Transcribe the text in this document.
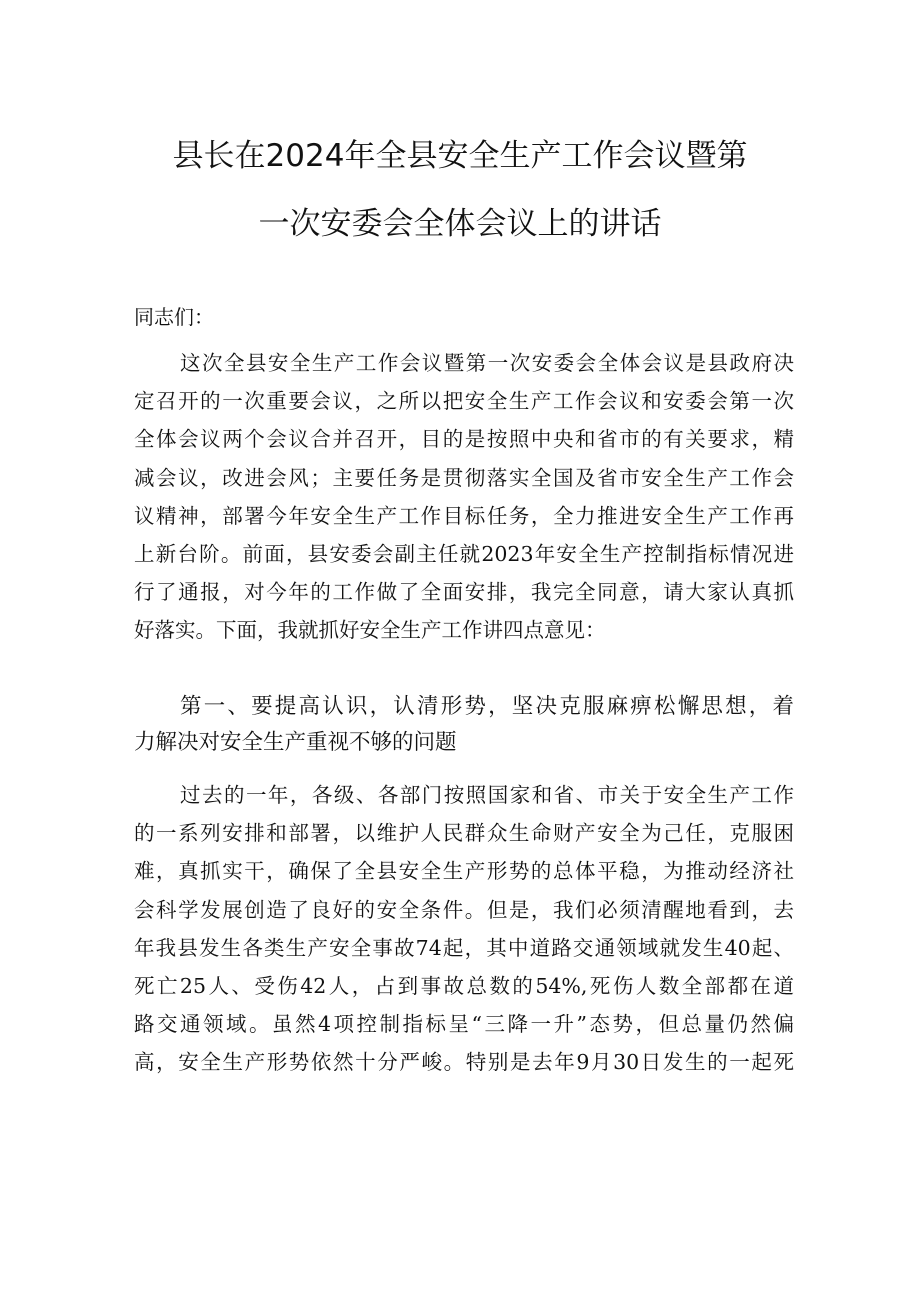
县长在2024年全县安全生产工作会议暨第
一次安委会全体会议上的讲话
同志们：
这次全县安全生产工作会议暨第一次安委会全体会议是县政府决
定召开的一次重要会议，之所以把安全生产工作会议和安委会第一次
全体会议两个会议合并召开，目的是按照中央和省市的有关要求，精
减会议，改进会风；主要任务是贯彻落实全国及省市安全生产工作会
议精神，部署今年安全生产工作目标任务，全力推进安全生产工作再
上新台阶。前面，县安委会副主任就2023年安全生产控制指标情况进
行了通报，对今年的工作做了全面安排，我完全同意，请大家认真抓
好落实。下面，我就抓好安全生产工作讲四点意见：
第一、要提高认识，认清形势，坚决克服麻痹松懈思想，着
力解决对安全生产重视不够的问题
过去的一年，各级、各部门按照国家和省、市关于安全生产工作
的一系列安排和部署，以维护人民群众生命财产安全为己任，克服困
难，真抓实干，确保了全县安全生产形势的总体平稳，为推动经济社
会科学发展创造了良好的安全条件。但是，我们必须清醒地看到，去
年我县发生各类生产安全事故74起，其中道路交通领域就发生40起、
死亡25人、受伤42人，占到事故总数的54%,死伤人数全部都在道
路交通领域。虽然4项控制指标呈“三降一升”态势，但总量仍然偏
高，安全生产形势依然十分严峻。特别是去年9月30日发生的一起死
